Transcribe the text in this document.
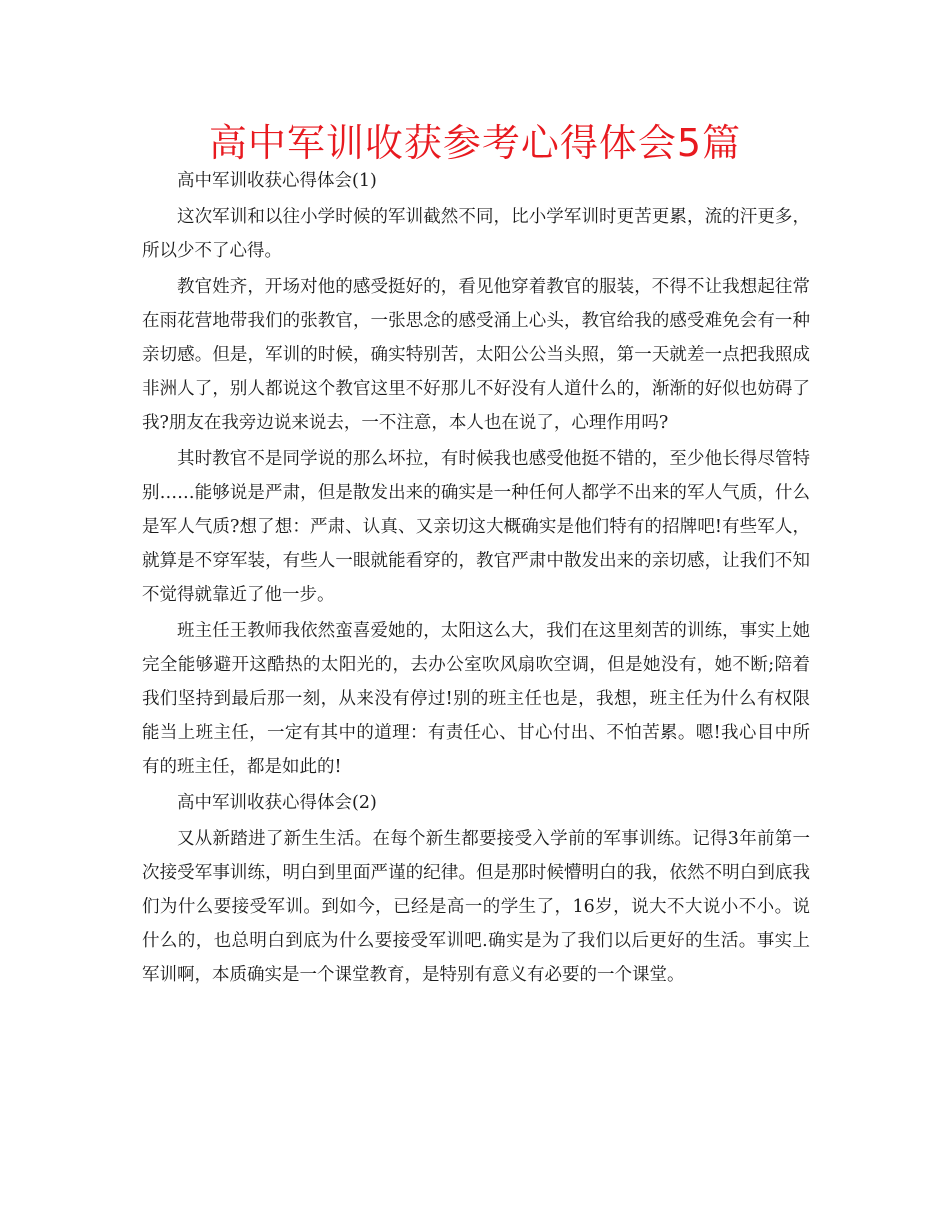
高中军训收获参考心得体会5篇

高中军训收获心得体会(1)

这次军训和以往小学时候的军训截然不同，比小学军训时更苦更累，流的汗更多，所以少不了心得。

教官姓齐，开场对他的感受挺好的，看见他穿着教官的服装，不得不让我想起往常在雨花营地带我们的张教官，一张思念的感受涌上心头，教官给我的感受难免会有一种亲切感。但是，军训的时候，确实特别苦，太阳公公当头照，第一天就差一点把我照成非洲人了，别人都说这个教官这里不好那儿不好没有人道什么的，渐渐的好似也妨碍了我?朋友在我旁边说来说去，一不注意，本人也在说了，心理作用吗?

其时教官不是同学说的那么坏拉，有时候我也感受他挺不错的，至少他长得尽管特别……能够说是严肃，但是散发出来的确实是一种任何人都学不出来的军人气质，什么是军人气质?想了想：严肃、认真、又亲切这大概确实是他们特有的招牌吧!有些军人，就算是不穿军装，有些人一眼就能看穿的，教官严肃中散发出来的亲切感，让我们不知不觉得就靠近了他一步。

班主任王教师我依然蛮喜爱她的，太阳这么大，我们在这里刻苦的训练，事实上她完全能够避开这酷热的太阳光的，去办公室吹风扇吹空调，但是她没有，她不断;陪着我们坚持到最后那一刻，从来没有停过!别的班主任也是，我想，班主任为什么有权限能当上班主任，一定有其中的道理：有责任心、甘心付出、不怕苦累。嗯!我心目中所有的班主任，都是如此的!

高中军训收获心得体会(2)

又从新踏进了新生生活。在每个新生都要接受入学前的军事训练。记得3年前第一次接受军事训练，明白到里面严谨的纪律。但是那时候懵明白的我，依然不明白到底我们为什么要接受军训。到如今，已经是高一的学生了，16岁，说大不大说小不小。说什么的，也总明白到底为什么要接受军训吧.确实是为了我们以后更好的生活。事实上军训啊，本质确实是一个课堂教育，是特别有意义有必要的一个课堂。
